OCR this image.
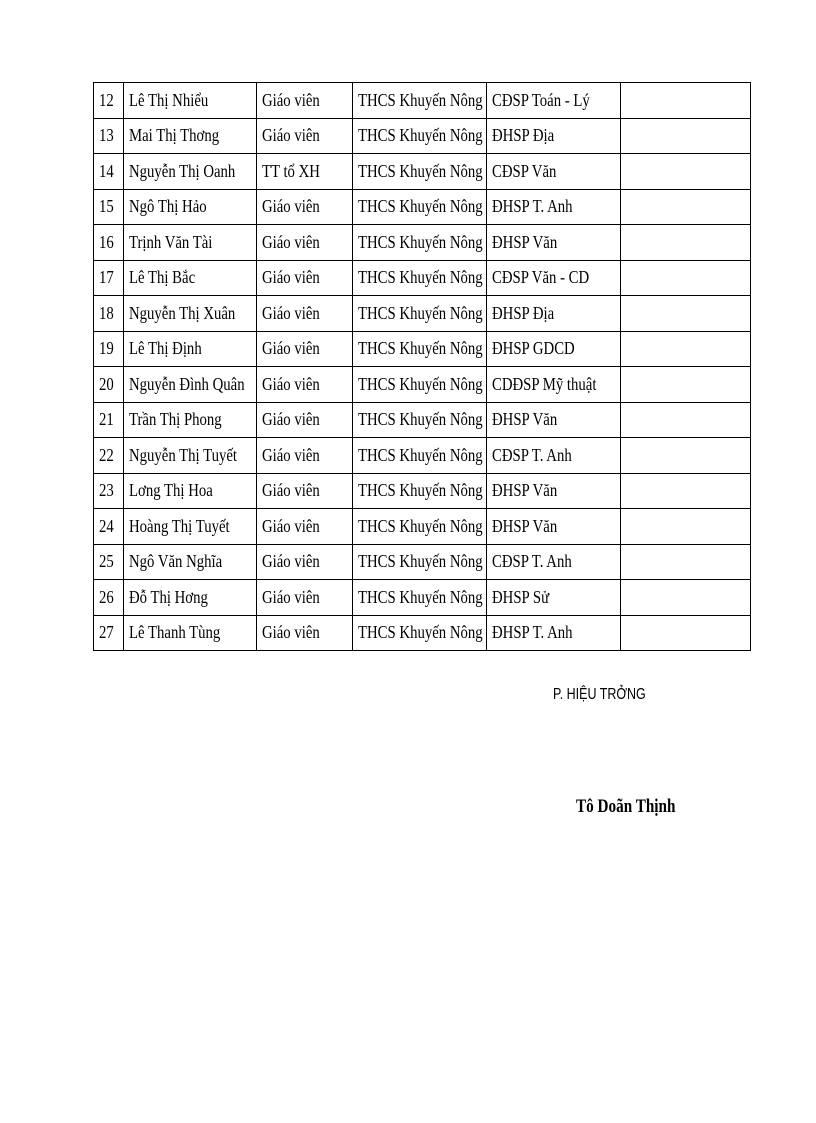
12	Lê Thị Nhiểu	Giáo viên	THCS Khuyến Nông	CĐSP Toán - Lý	
13	Mai Thị Thơng	Giáo viên	THCS Khuyến Nông	ĐHSP Địa	
14	Nguyễn Thị Oanh	TT tổ XH	THCS Khuyến Nông	CĐSP Văn	
15	Ngô Thị Hảo	Giáo viên	THCS Khuyến Nông	ĐHSP T. Anh	
16	Trịnh Văn Tài	Giáo viên	THCS Khuyến Nông	ĐHSP Văn	
17	Lê Thị Bắc	Giáo viên	THCS Khuyến Nông	CĐSP Văn - CD	
18	Nguyễn Thị Xuân	Giáo viên	THCS Khuyến Nông	ĐHSP Địa	
19	Lê Thị Định	Giáo viên	THCS Khuyến Nông	ĐHSP GDCD	
20	Nguyễn Đình Quân	Giáo viên	THCS Khuyến Nông	CDĐSP Mỹ thuật	
21	Trần Thị Phong	Giáo viên	THCS Khuyến Nông	ĐHSP Văn	
22	Nguyễn Thị Tuyết	Giáo viên	THCS Khuyến Nông	CĐSP T. Anh	
23	Lơng Thị Hoa	Giáo viên	THCS Khuyến Nông	ĐHSP Văn	
24	Hoàng Thị Tuyết	Giáo viên	THCS Khuyến Nông	ĐHSP Văn	
25	Ngô Văn Nghĩa	Giáo viên	THCS Khuyến Nông	CĐSP T. Anh	
26	Đỗ Thị Hơng	Giáo viên	THCS Khuyến Nông	ĐHSP Sử	
27	Lê Thanh Tùng	Giáo viên	THCS Khuyến Nông	ĐHSP T. Anh	
P. HIỆU TRỞNG
Tô Doãn Thịnh
